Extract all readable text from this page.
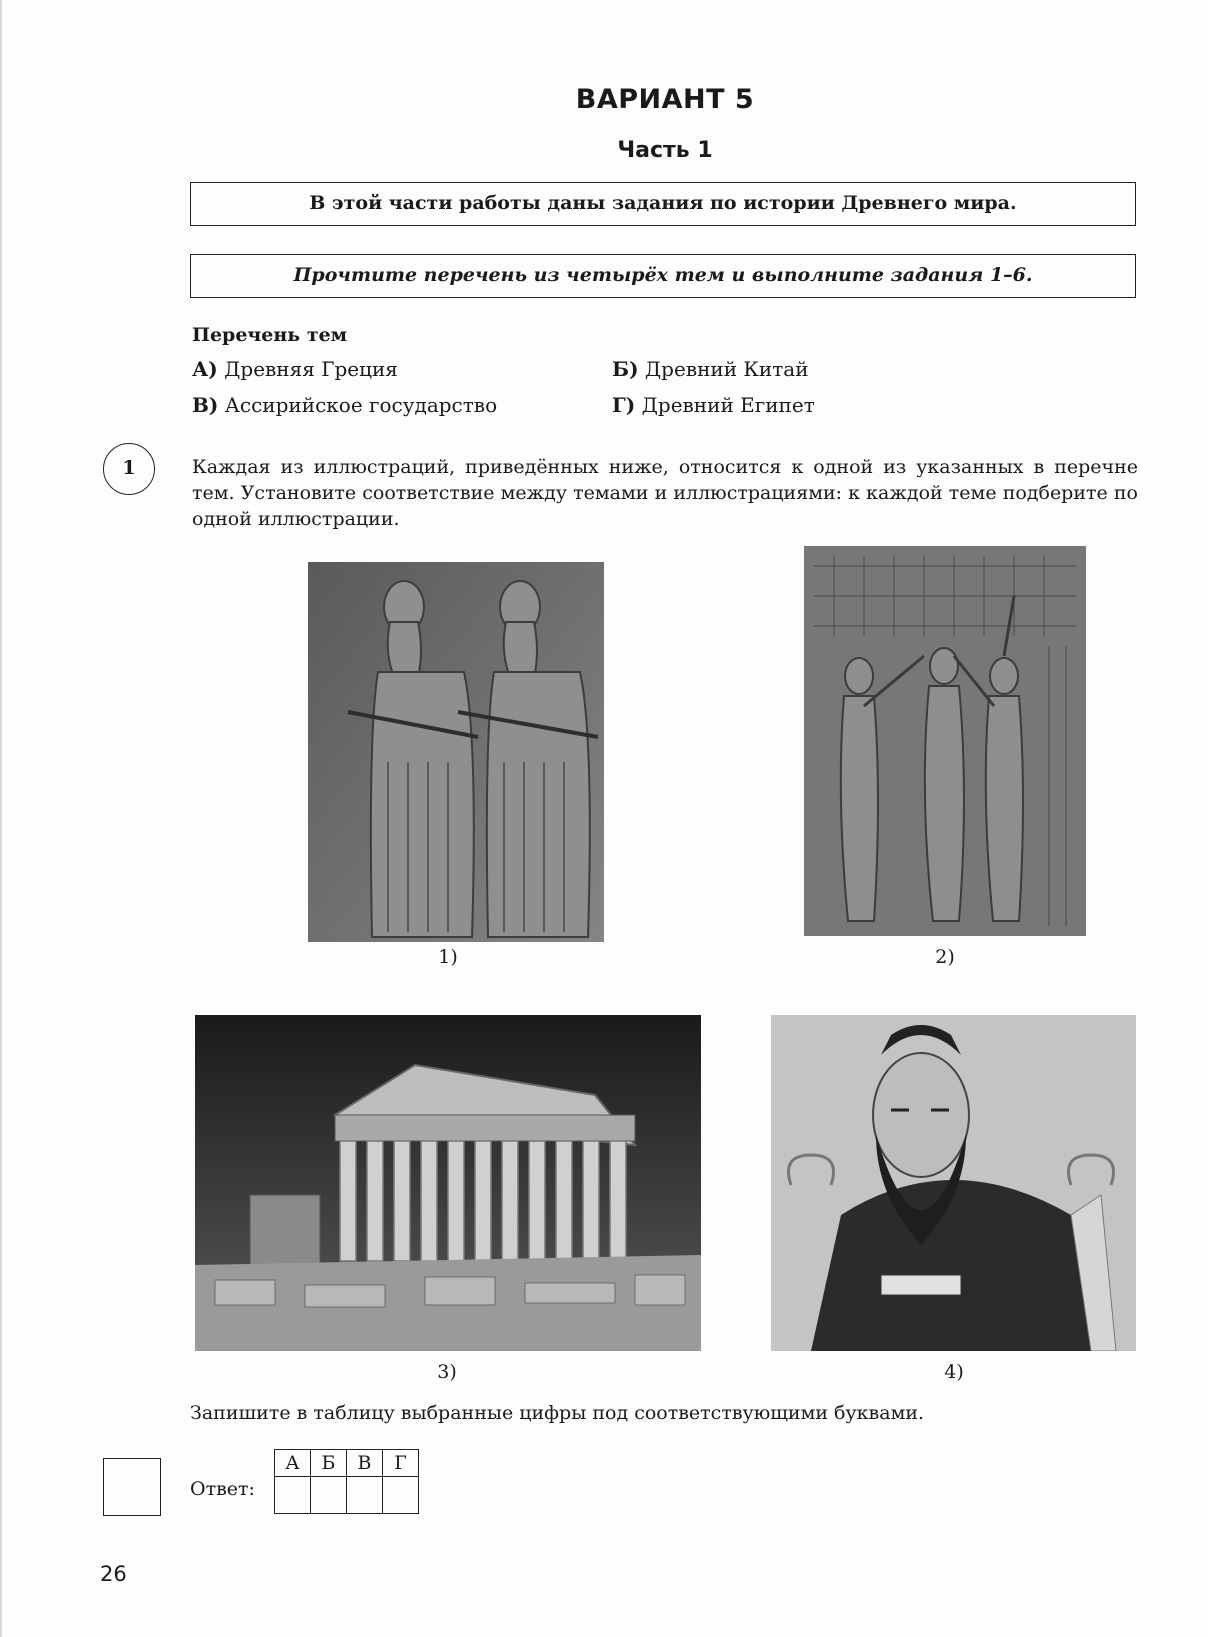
ВАРИАНТ 5
Часть 1
В этой части работы даны задания по истории Древнего мира.
Прочтите перечень из четырёх тем и выполните задания 1–6.
Перечень тем
А) Древняя Греция	Б) Древний Китай
В) Ассирийское государство	Г) Древний Египет
1	Каждая из иллюстраций, приведённых ниже, относится к одной из указанных в перечне тем. Установите соответствие между темами и иллюстрациями: к каждой теме подберите по одной иллюстрации.
1)	2)
3)	4)
Запишите в таблицу выбранные цифры под соответствующими буквами.
Ответ:
А	Б	В	Г

26
